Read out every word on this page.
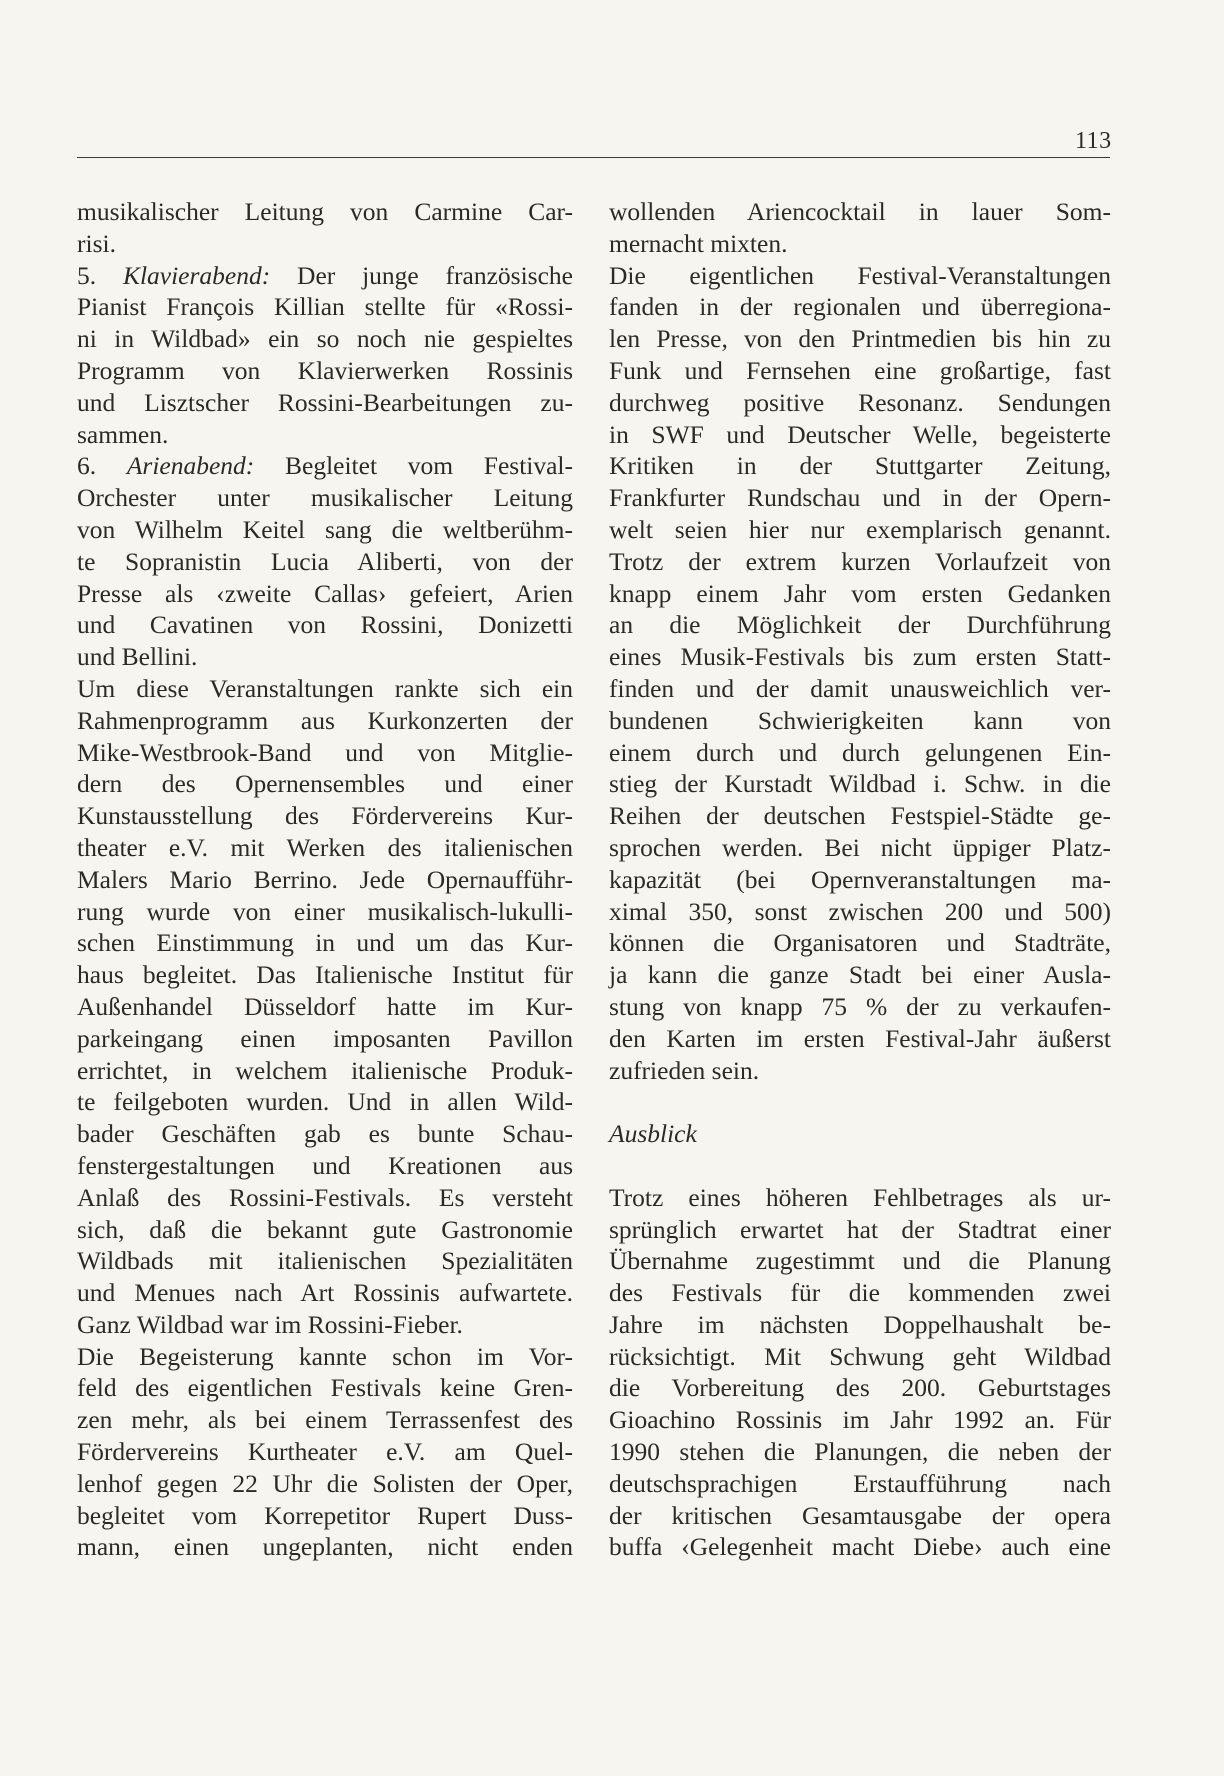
113
musikalischer Leitung von Carmine Car-
risi.
5. Klavierabend: Der junge französische
Pianist François Killian stellte für «Rossi-
ni in Wildbad» ein so noch nie gespieltes
Programm von Klavierwerken Rossinis
und Lisztscher Rossini-Bearbeitungen zu-
sammen.
6. Arienabend: Begleitet vom Festival-
Orchester unter musikalischer Leitung
von Wilhelm Keitel sang die weltberühm-
te Sopranistin Lucia Aliberti, von der
Presse als ‹zweite Callas› gefeiert, Arien
und Cavatinen von Rossini, Donizetti
und Bellini.
Um diese Veranstaltungen rankte sich ein
Rahmenprogramm aus Kurkonzerten der
Mike-Westbrook-Band und von Mitglie-
dern des Opernensembles und einer
Kunstausstellung des Fördervereins Kur-
theater e.V. mit Werken des italienischen
Malers Mario Berrino. Jede Opernaufführ-
rung wurde von einer musikalisch-lukulli-
schen Einstimmung in und um das Kur-
haus begleitet. Das Italienische Institut für
Außenhandel Düsseldorf hatte im Kur-
parkeingang einen imposanten Pavillon
errichtet, in welchem italienische Produk-
te feilgeboten wurden. Und in allen Wild-
bader Geschäften gab es bunte Schau-
fenstergestaltungen und Kreationen aus
Anlaß des Rossini-Festivals. Es versteht
sich, daß die bekannt gute Gastronomie
Wildbads mit italienischen Spezialitäten
und Menues nach Art Rossinis aufwartete.
Ganz Wildbad war im Rossini-Fieber.
Die Begeisterung kannte schon im Vor-
feld des eigentlichen Festivals keine Gren-
zen mehr, als bei einem Terrassenfest des
Fördervereins Kurtheater e.V. am Quel-
lenhof gegen 22 Uhr die Solisten der Oper,
begleitet vom Korrepetitor Rupert Duss-
mann, einen ungeplanten, nicht enden
wollenden Ariencocktail in lauer Som-
mernacht mixten.
Die eigentlichen Festival-Veranstaltungen
fanden in der regionalen und überregiona-
len Presse, von den Printmedien bis hin zu
Funk und Fernsehen eine großartige, fast
durchweg positive Resonanz. Sendungen
in SWF und Deutscher Welle, begeisterte
Kritiken in der Stuttgarter Zeitung,
Frankfurter Rundschau und in der Opern-
welt seien hier nur exemplarisch genannt.
Trotz der extrem kurzen Vorlaufzeit von
knapp einem Jahr vom ersten Gedanken
an die Möglichkeit der Durchführung
eines Musik-Festivals bis zum ersten Statt-
finden und der damit unausweichlich ver-
bundenen Schwierigkeiten kann von
einem durch und durch gelungenen Ein-
stieg der Kurstadt Wildbad i. Schw. in die
Reihen der deutschen Festspiel-Städte ge-
sprochen werden. Bei nicht üppiger Platz-
kapazität (bei Opernveranstaltungen ma-
ximal 350, sonst zwischen 200 und 500)
können die Organisatoren und Stadträte,
ja kann die ganze Stadt bei einer Ausla-
stung von knapp 75 % der zu verkaufen-
den Karten im ersten Festival-Jahr äußerst
zufrieden sein.
Ausblick
Trotz eines höheren Fehlbetrages als ur-
sprünglich erwartet hat der Stadtrat einer
Übernahme zugestimmt und die Planung
des Festivals für die kommenden zwei
Jahre im nächsten Doppelhaushalt be-
rücksichtigt. Mit Schwung geht Wildbad
die Vorbereitung des 200. Geburtstages
Gioachino Rossinis im Jahr 1992 an. Für
1990 stehen die Planungen, die neben der
deutschsprachigen Erstaufführung nach
der kritischen Gesamtausgabe der opera
buffa ‹Gelegenheit macht Diebe› auch eine
